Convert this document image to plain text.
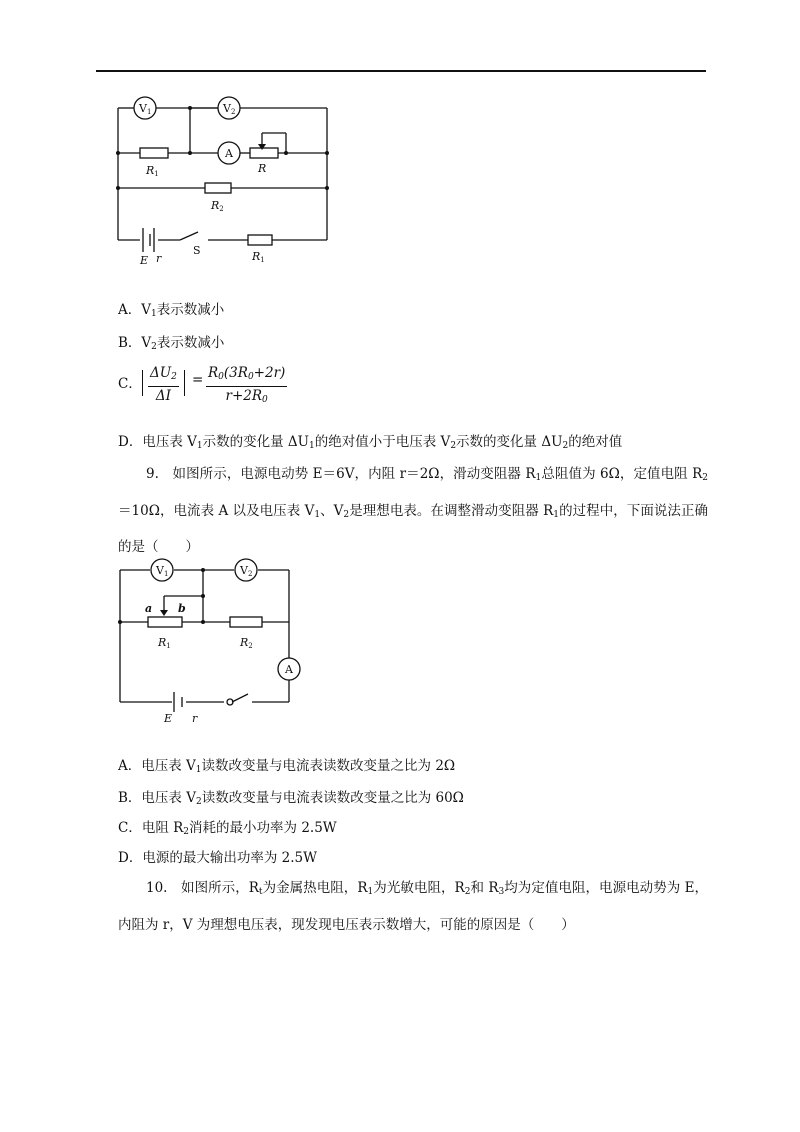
V1	V2
A
R1	R
R2
R1
E r
S
A．$V_1$表示数减小
B．$V_2$表示数减小
C． $\frac{\Delta U_2}{\Delta I} = \frac{R_0(3R_0+2r)}{r+2R_0}$
D．电压表 $V_1$示数的变化量 $\Delta U_1$的绝对值小于电压表 $V_2$示数的变化量 $\Delta U_2$的绝对值
9.　如图所示，电源电动势 E＝6V，内阻 r＝2Ω，滑动变阻器 $R_1$总阻值为 6Ω，定值电阻 $R_2=10\Omega$，电流表 A 以及电压表 $V_1$、$V_2$是理想电表。在调整滑动变阻器 $R_1$的过程中，下面说法正确的是（　　）
V1	V2
A
a b
R1	R2
E r
A．电压表 $V_1$读数改变量与电流表读数改变量之比为 2Ω
B．电压表 $V_2$读数改变量与电流表读数改变量之比为 60Ω
C．电阻 $R_2$消耗的最小功率为 2.5W
D．电源的最大输出功率为 2.5W
10.　如图所示，$R_t$为金属热电阻，$R_1$为光敏电阻，$R_2$和 $R_3$均为定值电阻，电源电动势为 E，内阻为 r，V 为理想电压表，现发现电压表示数增大，可能的原因是（　　）
